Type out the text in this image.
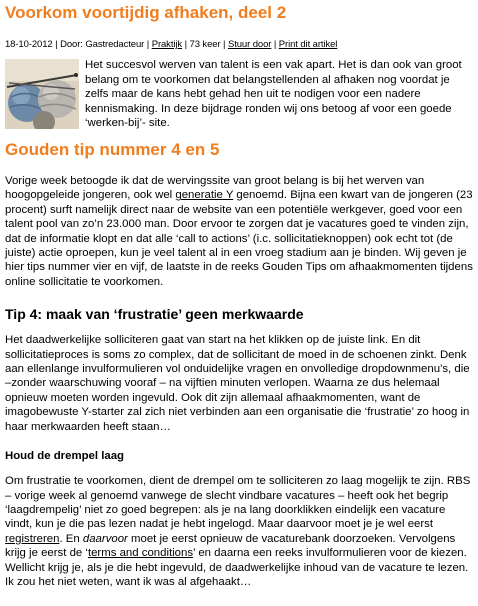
Voorkom voortijdig afhaken, deel 2
18-10-2012 | Door: Gastredacteur | Praktijk | 73 keer | Stuur door | Print dit artikel
Het succesvol werven van talent is een vak apart. Het is dan ook van groot belang om te voorkomen dat belangstellenden al afhaken nog voordat je zelfs maar de kans hebt gehad hen uit te nodigen voor een nadere kennismaking. In deze bijdrage ronden wij ons betoog af voor een goede ‘werken-bij’- site.
Gouden tip nummer 4 en 5

Vorige week betoogde ik dat de wervingssite van groot belang is bij het werven van hoogopgeleide jongeren, ook wel generatie Y genoemd. Bijna een kwart van de jongeren (23 procent) surft namelijk direct naar de website van een potentiële werkgever, goed voor een talent pool van zo’n 23.000 man. Door ervoor te zorgen dat je vacatures goed te vinden zijn, dat de informatie klopt en dat alle ‘call to actions’ (i.c. sollicitatieknoppen) ook echt tot (de juiste) actie oproepen, kun je veel talent al in een vroeg stadium aan je binden. Wij geven je hier tips nummer vier en vijf, de laatste in de reeks Gouden Tips om afhaakmomenten tijdens online sollicitatie te voorkomen.

Tip 4: maak van ‘frustratie’ geen merkwaarde

Het daadwerkelijke solliciteren gaat van start na het klikken op de juiste link. En dit sollicitatieproces is soms zo complex, dat de sollicitant de moed in de schoenen zinkt. Denk aan ellenlange invulformulieren vol onduidelijke vragen en onvolledige dropdownmenu’s, die –zonder waarschuwing vooraf – na vijftien minuten verlopen. Waarna ze dus helemaal opnieuw moeten worden ingevuld. Ook dit zijn allemaal afhaakmomenten, want de imagobewuste Y-starter zal zich niet verbinden aan een organisatie die ‘frustratie’ zo hoog in haar merkwaarden heeft staan…

Houd de drempel laag

Om frustratie te voorkomen, dient de drempel om te solliciteren zo laag mogelijk te zijn. RBS – vorige week al genoemd vanwege de slecht vindbare vacatures – heeft ook het begrip ‘laagdrempelig’ niet zo goed begrepen: als je na lang doorklikken eindelijk een vacature vindt, kun je die pas lezen nadat je hebt ingelogd. Maar daarvoor moet je je wel eerst registreren. En daarvoor moet je eerst opnieuw de vacaturebank doorzoeken. Vervolgens krijg je eerst de ‘terms and conditions’ en daarna een reeks invulformulieren voor de kiezen. Wellicht krijg je, als je die hebt ingevuld, de daadwerkelijke inhoud van de vacature te lezen. Ik zou het niet weten, want ik was al afgehaakt…
